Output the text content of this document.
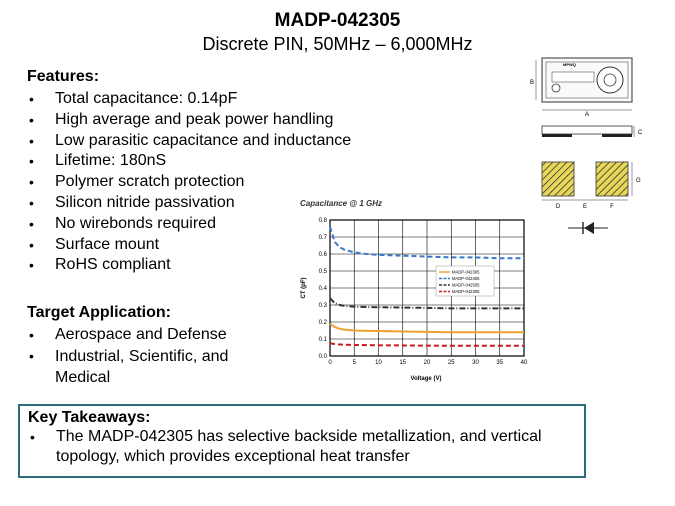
MADP-042305
Discrete PIN, 50MHz – 6,000MHz
Features:
• Total capacitance: 0.14pF
• High average and peak power handling
• Low parasitic capacitance and inductance
• Lifetime: 180nS
• Polymer scratch protection
• Silicon nitride passivation
• No wirebonds required
• Surface mount
• RoHS compliant
Target Application:
• Aerospace and Defense
• Industrial, Scientific, and Medical
Key Takeaways:
• The MADP-042305 has selective backside metallization, and vertical topology, which provides exceptional heat transfer
Capacitance @ 1 GHz
0	5	10	15	20	25	30	35	40
0.0
0.1
0.2
0.3
0.4
0.5
0.6
0.7
0.8
MADP-042305
MADP-042405
MADP-042505
MADP-042305
Voltage (V)
CT (pF)
MPWQ
B
A
C
G
D	E	F
